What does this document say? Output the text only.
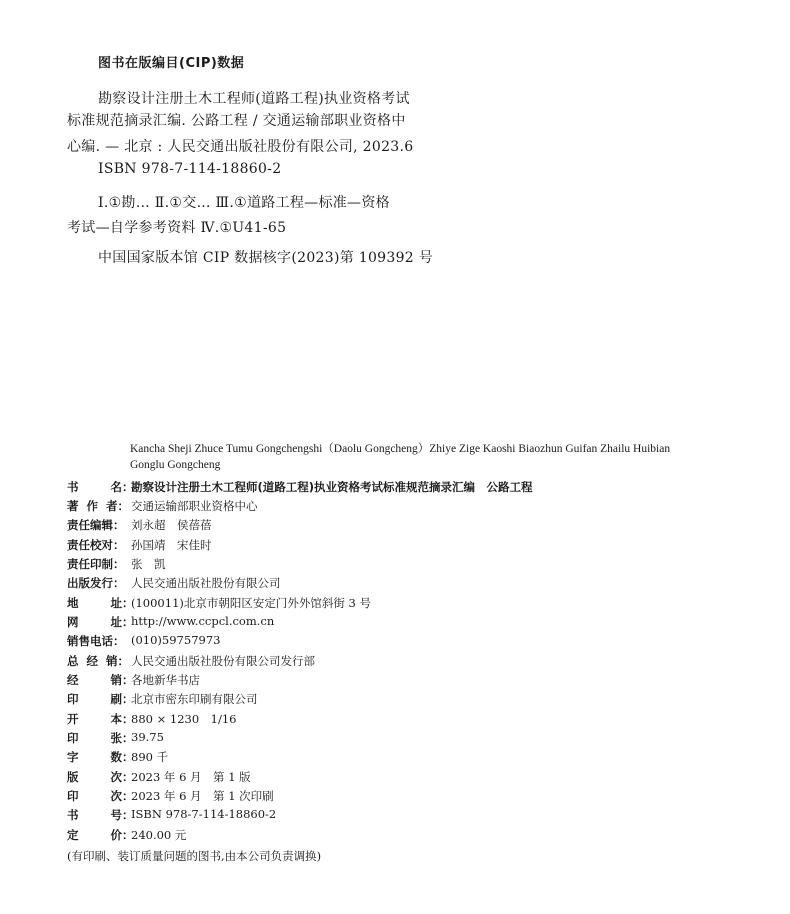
图书在版编目(CIP)数据
勘察设计注册土木工程师(道路工程)执业资格考试
标准规范摘录汇编. 公路工程 / 交通运输部职业资格中
心编. — 北京 : 人民交通出版社股份有限公司, 2023.6
ISBN 978-7-114-18860-2
Ⅰ.①勘… Ⅱ.①交… Ⅲ.①道路工程—标准—资格
考试—自学参考资料 Ⅳ.①U41-65
中国国家版本馆 CIP 数据核字(2023)第 109392 号
Kancha Sheji Zhuce Tumu Gongchengshi（Daolu Gongcheng）Zhiye Zige Kaoshi Biaozhun Guifan Zhailu Huibian
Gonglu Gongcheng
书        名：
勘察设计注册土木工程师(道路工程)执业资格考试标准规范摘录汇编　公路工程
著  作  者： 交通运输部职业资格中心
责任编辑： 刘永超　侯蓓蓓
责任校对： 孙国靖　宋佳时
责任印制： 张　凯
出版发行： 人民交通出版社股份有限公司
地        址：
(100011)北京市朝阳区安定门外外馆斜街 3 号
网        址：
http://www.ccpcl.com.cn
销售电话： (010)59757973
总  经  销： 人民交通出版社股份有限公司发行部
经        销：
各地新华书店
印        刷：
北京市密东印刷有限公司
开        本：
880 × 1230　1/16
印        张：
39.75
字        数：
890 千
版        次：
2023 年 6 月　第 1 版
印        次：
2023 年 6 月　第 1 次印刷
书        号：
ISBN 978-7-114-18860-2
定        价：
240.00 元
(有印刷、装订质量问题的图书,由本公司负责调换)
